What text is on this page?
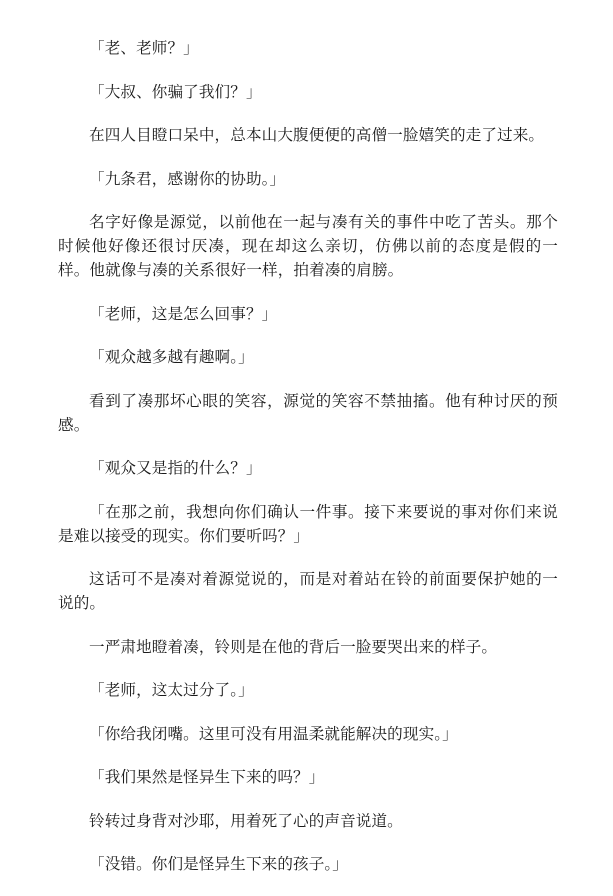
「老、老师？」

「大叔、你骗了我们？」

在四人目瞪口呆中，总本山大腹便便的高僧一脸嬉笑的走了过来。

「九条君，感谢你的协助。」

名字好像是源觉，以前他在一起与凑有关的事件中吃了苦头。那个时候他好像还很讨厌凑，现在却这么亲切，仿佛以前的态度是假的一样。他就像与凑的关系很好一样，拍着凑的肩膀。

「老师，这是怎么回事？」

「观众越多越有趣啊。」

看到了凑那坏心眼的笑容，源觉的笑容不禁抽搐。他有种讨厌的预感。

「观众又是指的什么？」

「在那之前，我想向你们确认一件事。接下来要说的事对你们来说是难以接受的现实。你们要听吗？」

这话可不是凑对着源觉说的，而是对着站在铃的前面要保护她的一说的。

一严肃地瞪着凑，铃则是在他的背后一脸要哭出来的样子。

「老师，这太过分了。」

「你给我闭嘴。这里可没有用温柔就能解决的现实。」

「我们果然是怪异生下来的吗？」

铃转过身背对沙耶，用着死了心的声音说道。

「没错。你们是怪异生下来的孩子。」
